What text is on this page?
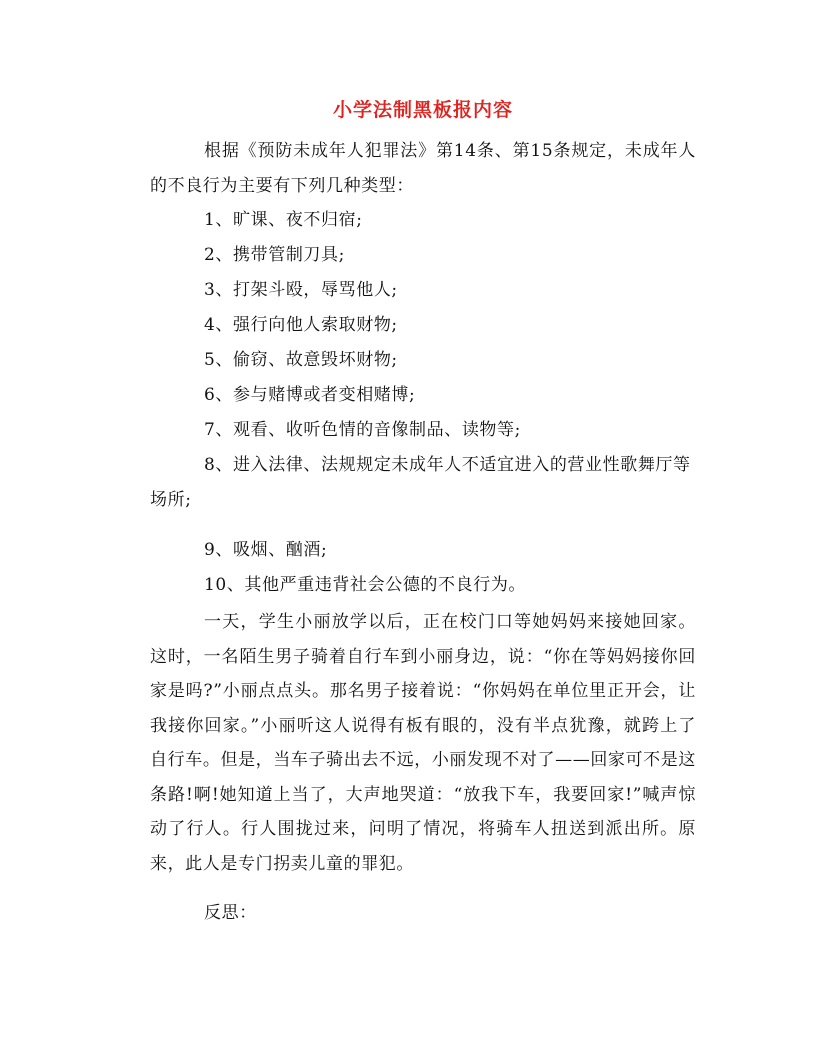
小学法制黑板报内容

根据《预防未成年人犯罪法》第14条、第15条规定，未成年人的不良行为主要有下列几种类型：

1、旷课、夜不归宿;

2、携带管制刀具;

3、打架斗殴，辱骂他人;

4、强行向他人索取财物;

5、偷窃、故意毁坏财物;

6、参与赌博或者变相赌博;

7、观看、收听色情的音像制品、读物等;

8、进入法律、法规规定未成年人不适宜进入的营业性歌舞厅等场所;

9、吸烟、酗酒;

10、其他严重违背社会公德的不良行为。

一天，学生小丽放学以后，正在校门口等她妈妈来接她回家。这时，一名陌生男子骑着自行车到小丽身边，说：“你在等妈妈接你回家是吗?”小丽点点头。那名男子接着说：“你妈妈在单位里正开会，让我接你回家。”小丽听这人说得有板有眼的，没有半点犹豫，就跨上了自行车。但是，当车子骑出去不远，小丽发现不对了——回家可不是这条路!啊!她知道上当了，大声地哭道：“放我下车，我要回家!”喊声惊动了行人。行人围拢过来，问明了情况，将骑车人扭送到派出所。原来，此人是专门拐卖儿童的罪犯。

反思：
